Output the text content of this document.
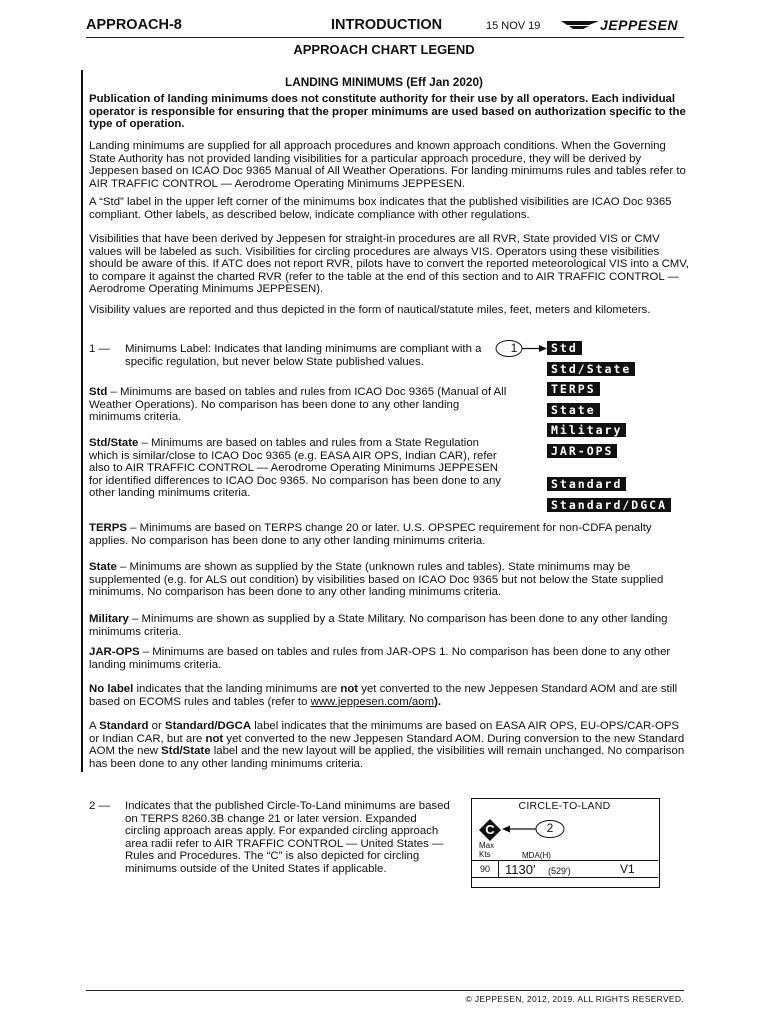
APPROACH-8	INTRODUCTION	15 NOV 19	JEPPESEN
APPROACH CHART LEGEND
LANDING MINIMUMS (Eff Jan 2020)
Publication of landing minimums does not constitute authority for their use by all operators. Each individual operator is responsible for ensuring that the proper minimums are used based on authorization specific to the type of operation.
Landing minimums are supplied for all approach procedures and known approach conditions. When the Governing State Authority has not provided landing visibilities for a particular approach procedure, they will be derived by Jeppesen based on ICAO Doc 9365 Manual of All Weather Operations. For landing minimums rules and tables refer to AIR TRAFFIC CONTROL — Aerodrome Operating Minimums JEPPESEN.
A “Std” label in the upper left corner of the minimums box indicates that the published visibilities are ICAO Doc 9365 compliant. Other labels, as described below, indicate compliance with other regulations.
Visibilities that have been derived by Jeppesen for straight-in procedures are all RVR, State provided VIS or CMV values will be labeled as such. Visibilities for circling procedures are always VIS. Operators using these visibilities should be aware of this. If ATC does not report RVR, pilots have to convert the reported meteorological VIS into a CMV, to compare it against the charted RVR (refer to the table at the end of this section and to AIR TRAFFIC CONTROL — Aerodrome Operating Minimums JEPPESEN).
Visibility values are reported and thus depicted in the form of nautical/statute miles, feet, meters and kilometers.
1 — Minimums Label: Indicates that landing minimums are compliant with a specific regulation, but never below State published values.
1	Std
Std/State
TERPS
State
Military
JAR-OPS
Standard
Standard/DGCA
Std – Minimums are based on tables and rules from ICAO Doc 9365 (Manual of All Weather Operations). No comparison has been done to any other landing minimums criteria.
Std/State – Minimums are based on tables and rules from a State Regulation which is similar/close to ICAO Doc 9365 (e.g. EASA AIR OPS, Indian CAR), refer also to AIR TRAFFIC CONTROL — Aerodrome Operating Minimums JEPPESEN for identified differences to ICAO Doc 9365. No comparison has been done to any other landing minimums criteria.
TERPS – Minimums are based on TERPS change 20 or later. U.S. OPSPEC requirement for non-CDFA penalty applies. No comparison has been done to any other landing minimums criteria.
State – Minimums are shown as supplied by the State (unknown rules and tables). State minimums may be supplemented (e.g. for ALS out condition) by visibilities based on ICAO Doc 9365 but not below the State supplied minimums. No comparison has been done to any other landing minimums criteria.
Military – Minimums are shown as supplied by a State Military. No comparison has been done to any other landing minimums criteria.
JAR-OPS – Minimums are based on tables and rules from JAR-OPS 1. No comparison has been done to any other landing minimums criteria.
No label indicates that the landing minimums are not yet converted to the new Jeppesen Standard AOM and are still based on ECOMS rules and tables (refer to www.jeppesen.com/aom).
A Standard or Standard/DGCA label indicates that the minimums are based on EASA AIR OPS, EU-OPS/CAR-OPS or Indian CAR, but are not yet converted to the new Jeppesen Standard AOM. During conversion to the new Standard AOM the new Std/State label and the new layout will be applied, the visibilities will remain unchanged. No comparison has been done to any other landing minimums criteria.
2 — Indicates that the published Circle-To-Land minimums are based on TERPS 8260.3B change 21 or later version. Expanded circling approach areas apply. For expanded circling approach area radii refer to AIR TRAFFIC CONTROL — United States — Rules and Procedures. The “C” is also depicted for circling minimums outside of the United States if applicable.
CIRCLE-TO-LAND
C	2
Max
Kts	MDA(H)
90 1130′ (529′)	V1
© JEPPESEN, 2012, 2019. ALL RIGHTS RESERVED.
